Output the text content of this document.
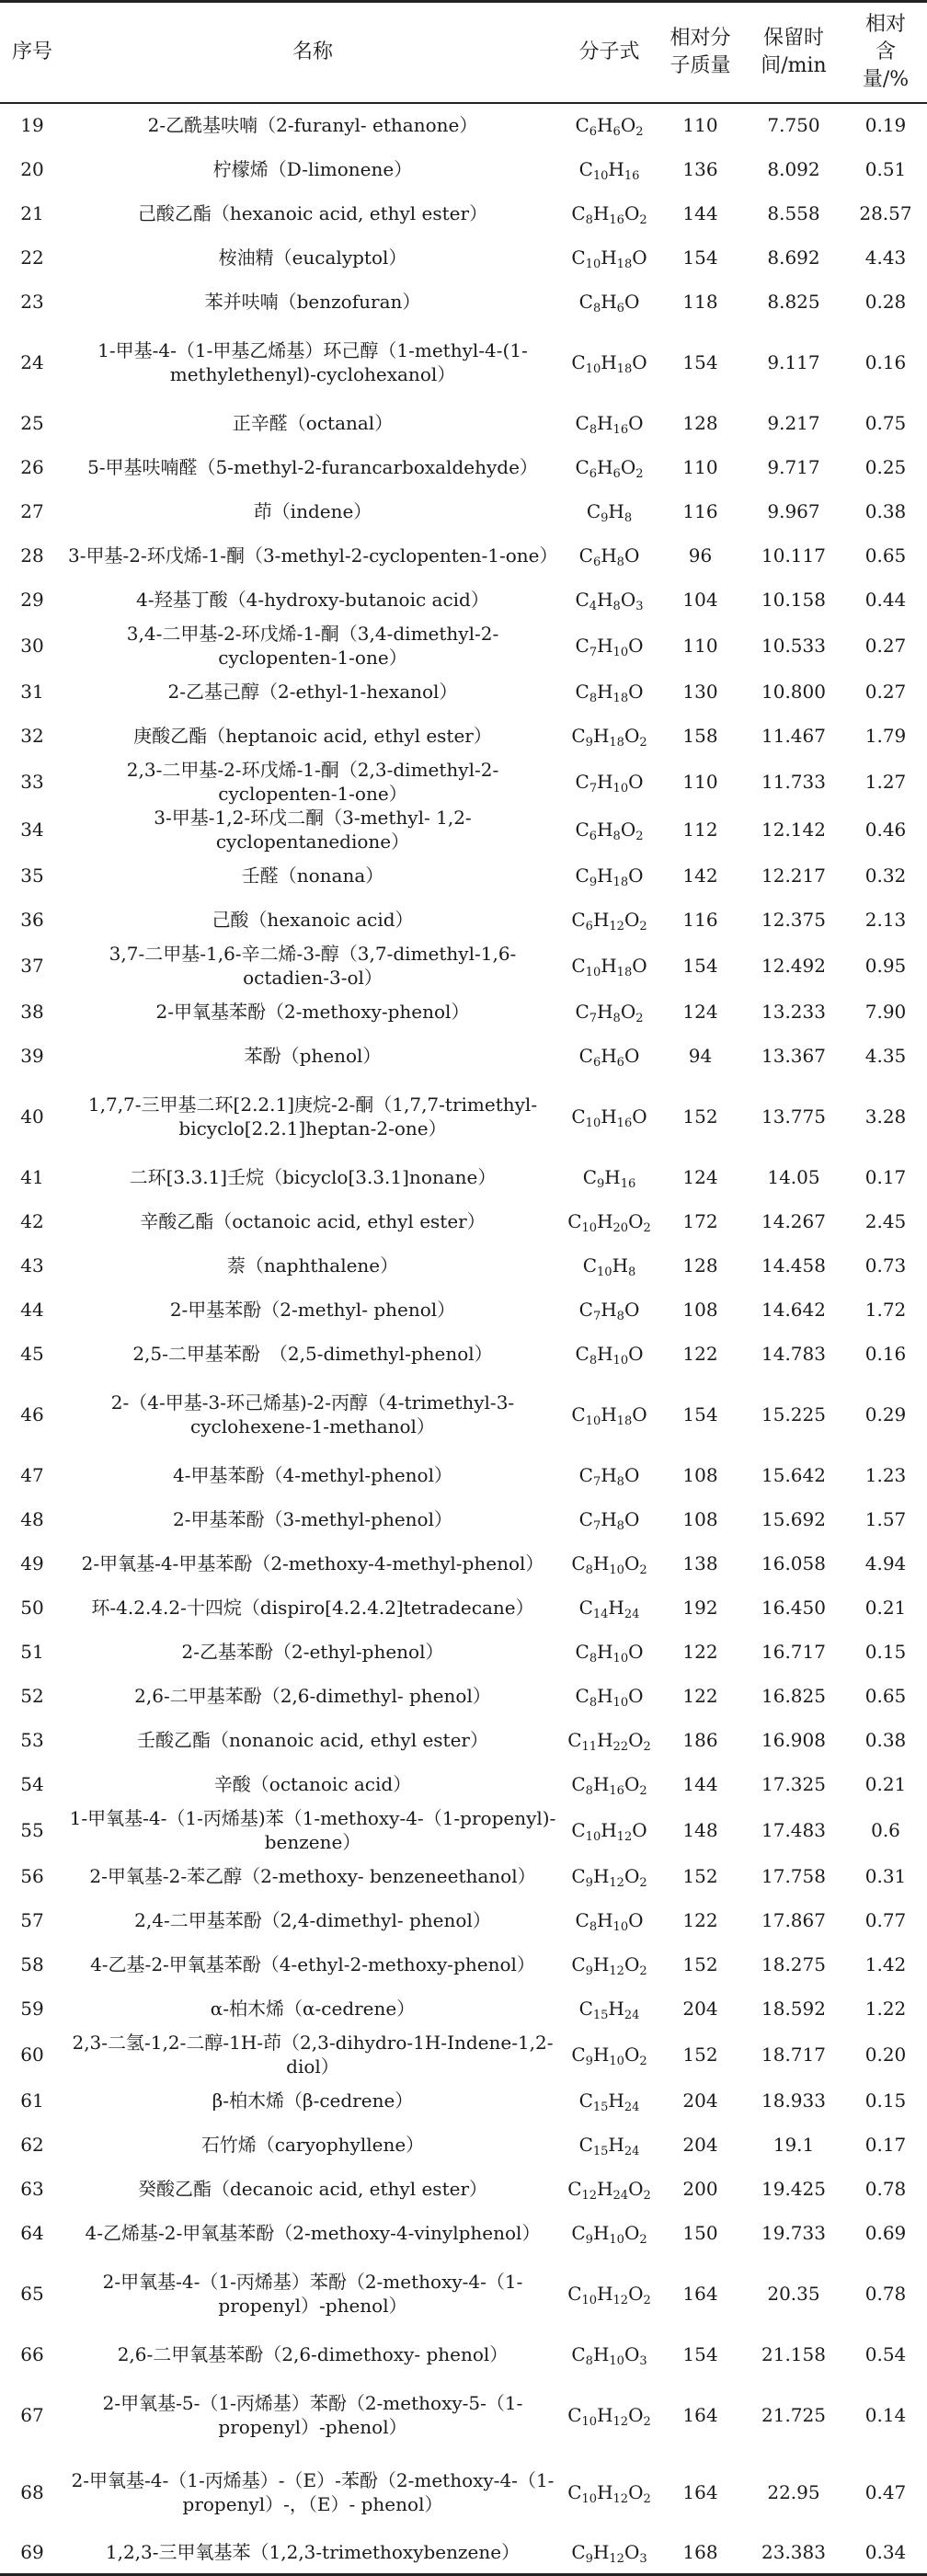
序号	名称	分子式	相对分子质量	保留时间/min	相对含量/%
19	2-乙酰基呋喃（2-furanyl- ethanone）	$C_6H_6O_2$	110	7.750	0.19
20	柠檬烯（D-limonene）	$C_{10}H_{16}$	136	8.092	0.51
21	己酸乙酯（hexanoic acid, ethyl ester）	$C_8H_{16}O_2$	144	8.558	28.57
22	桉油精（eucalyptol）	$C_{10}H_{18}O$	154	8.692	4.43
23	苯并呋喃（benzofuran）	$C_8H_6O$	118	8.825	0.28
24	1-甲基-4-（1-甲基乙烯基）环己醇（1-methyl-4-(1-methylethenyl)-cyclohexanol）	$C_{10}H_{18}O$	154	9.117	0.16
25	正辛醛（octanal）	$C_8H_{16}O$	128	9.217	0.75
26	5-甲基呋喃醛（5-methyl-2-furancarboxaldehyde）	$C_6H_6O_2$	110	9.717	0.25
27	茚（indene）	$C_9H_8$	116	9.967	0.38
28	3-甲基-2-环戊烯-1-酮（3-methyl-2-cyclopenten-1-one）	$C_6H_8O$	96	10.117	0.65
29	4-羟基丁酸（4-hydroxy-butanoic acid）	$C_4H_8O_3$	104	10.158	0.44
30	3,4-二甲基-2-环戊烯-1-酮（3,4-dimethyl-2-cyclopenten-1-one）	$C_7H_{10}O$	110	10.533	0.27
31	2-乙基己醇（2-ethyl-1-hexanol）	$C_8H_{18}O$	130	10.800	0.27
32	庚酸乙酯（heptanoic acid, ethyl ester）	$C_9H_{18}O_2$	158	11.467	1.79
33	2,3-二甲基-2-环戊烯-1-酮（2,3-dimethyl-2-cyclopenten-1-one）	$C_7H_{10}O$	110	11.733	1.27
34	3-甲基-1,2-环戊二酮（3-methyl- 1,2-cyclopentanedione）	$C_6H_8O_2$	112	12.142	0.46
35	壬醛（nonana）	$C_9H_{18}O$	142	12.217	0.32
36	己酸（hexanoic acid）	$C_6H_{12}O_2$	116	12.375	2.13
37	3,7-二甲基-1,6-辛二烯-3-醇（3,7-dimethyl-1,6-octadien-3-ol）	$C_{10}H_{18}O$	154	12.492	0.95
38	2-甲氧基苯酚（2-methoxy-phenol）	$C_7H_8O_2$	124	13.233	7.90
39	苯酚（phenol）	$C_6H_6O$	94	13.367	4.35
40	1,7,7-三甲基二环[2.2.1]庚烷-2-酮（1,7,7-trimethyl- bicyclo[2.2.1]heptan-2-one）	$C_{10}H_{16}O$	152	13.775	3.28
41	二环[3.3.1]壬烷（bicyclo[3.3.1]nonane）	$C_9H_{16}$	124	14.05	0.17
42	辛酸乙酯（octanoic acid, ethyl ester）	$C_{10}H_{20}O_2$	172	14.267	2.45
43	萘（naphthalene）	$C_{10}H_8$	128	14.458	0.73
44	2-甲基苯酚（2-methyl- phenol）	$C_7H_8O$	108	14.642	1.72
45	2,5-二甲基苯酚　（2,5-dimethyl-phenol）	$C_8H_{10}O$	122	14.783	0.16
46	2-（4-甲基-3-环己烯基)-2-丙醇（4-trimethyl-3-cyclohexene-1-methanol）	$C_{10}H_{18}O$	154	15.225	0.29
47	4-甲基苯酚（4-methyl-phenol）	$C_7H_8O$	108	15.642	1.23
48	2-甲基苯酚（3-methyl-phenol）	$C_7H_8O$	108	15.692	1.57
49	2-甲氧基-4-甲基苯酚（2-methoxy-4-methyl-phenol）	$C_8H_{10}O_2$	138	16.058	4.94
50	环-4.2.4.2-十四烷（dispiro[4.2.4.2]tetradecane）	$C_{14}H_{24}$	192	16.450	0.21
51	2-乙基苯酚（2-ethyl-phenol）	$C_8H_{10}O$	122	16.717	0.15
52	2,6-二甲基苯酚（2,6-dimethyl- phenol）	$C_8H_{10}O$	122	16.825	0.65
53	壬酸乙酯（nonanoic acid, ethyl ester）	$C_{11}H_{22}O_2$	186	16.908	0.38
54	辛酸（octanoic acid）	$C_8H_{16}O_2$	144	17.325	0.21
55	1-甲氧基-4-（1-丙烯基)苯（1-methoxy-4-（1-propenyl)- benzene）	$C_{10}H_{12}O$	148	17.483	0.6
56	2-甲氧基-2-苯乙醇（2-methoxy- benzeneethanol）	$C_9H_{12}O_2$	152	17.758	0.31
57	2,4-二甲基苯酚（2,4-dimethyl- phenol）	$C_8H_{10}O$	122	17.867	0.77
58	4-乙基-2-甲氧基苯酚（4-ethyl-2-methoxy-phenol）	$C_9H_{12}O_2$	152	18.275	1.42
59	α-柏木烯（α-cedrene）	$C_{15}H_{24}$	204	18.592	1.22
60	2,3-二氢-1,2-二醇-1H-茚（2,3-dihydro-1H-Indene-1,2-diol）	$C_9H_{10}O_2$	152	18.717	0.20
61	β-柏木烯（β-cedrene）	$C_{15}H_{24}$	204	18.933	0.15
62	石竹烯（caryophyllene）	$C_{15}H_{24}$	204	19.1	0.17
63	癸酸乙酯（decanoic acid, ethyl ester）	$C_{12}H_{24}O_2$	200	19.425	0.78
64	4-乙烯基-2-甲氧基苯酚（2-methoxy-4-vinylphenol）	$C_9H_{10}O_2$	150	19.733	0.69
65	2-甲氧基-4-（1-丙烯基）苯酚（2-methoxy-4-（1-propenyl）-phenol）	$C_{10}H_{12}O_2$	164	20.35	0.78
66	2,6-二甲氧基苯酚（2,6-dimethoxy- phenol）	$C_8H_{10}O_3$	154	21.158	0.54
67	2-甲氧基-5-（1-丙烯基）苯酚（2-methoxy-5-（1-propenyl）-phenol）	$C_{10}H_{12}O_2$	164	21.725	0.14
68	2-甲氧基-4-（1-丙烯基）-（E）-苯酚（2-methoxy-4-（1-propenyl）-，（E）- phenol）	$C_{10}H_{12}O_2$	164	22.95	0.47
69	1,2,3-三甲氧基苯（1,2,3-trimethoxybenzene）	$C_9H_{12}O_3$	168	23.383	0.34
